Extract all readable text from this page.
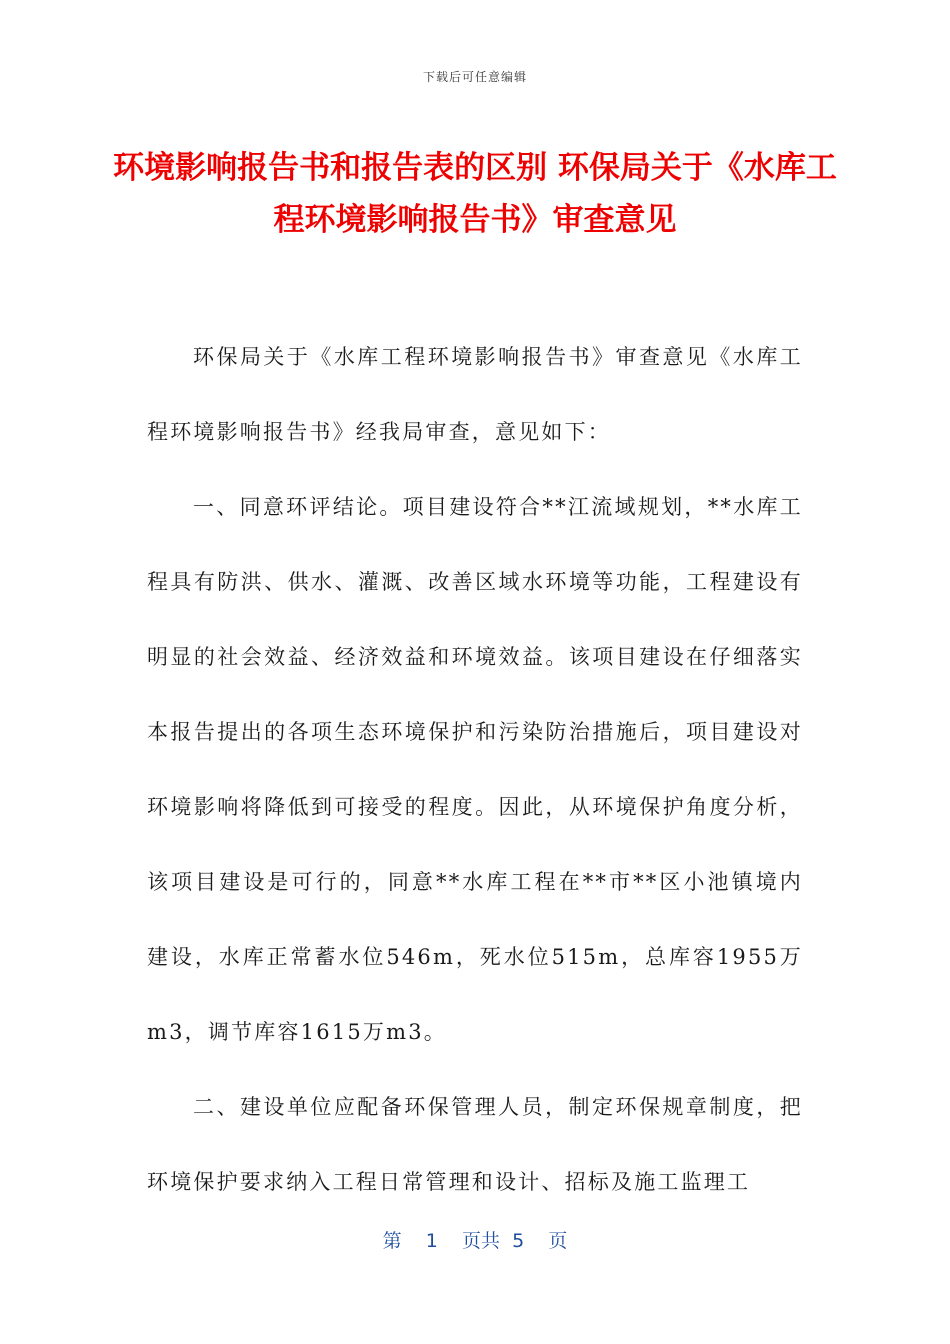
下载后可任意编辑
环境影响报告书和报告表的区别 环保局关于《水库工程环境影响报告书》审查意见

环保局关于《水库工程环境影响报告书》审查意见《水库工程环境影响报告书》经我局审查，意见如下：

一、同意环评结论。项目建设符合**江流域规划，**水库工程具有防洪、供水、灌溉、改善区域水环境等功能，工程建设有明显的社会效益、经济效益和环境效益。该项目建设在仔细落实本报告提出的各项生态环境保护和污染防治措施后，项目建设对环境影响将降低到可接受的程度。因此，从环境保护角度分析，该项目建设是可行的，同意**水库工程在**市**区小池镇境内建设，水库正常蓄水位546m，死水位515m，总库容1955万m3，调节库容1615万m3。

二、建设单位应配备环保管理人员，制定环保规章制度，把环境保护要求纳入工程日常管理和设计、招标及施工监理工

第 1 页共 5 页
